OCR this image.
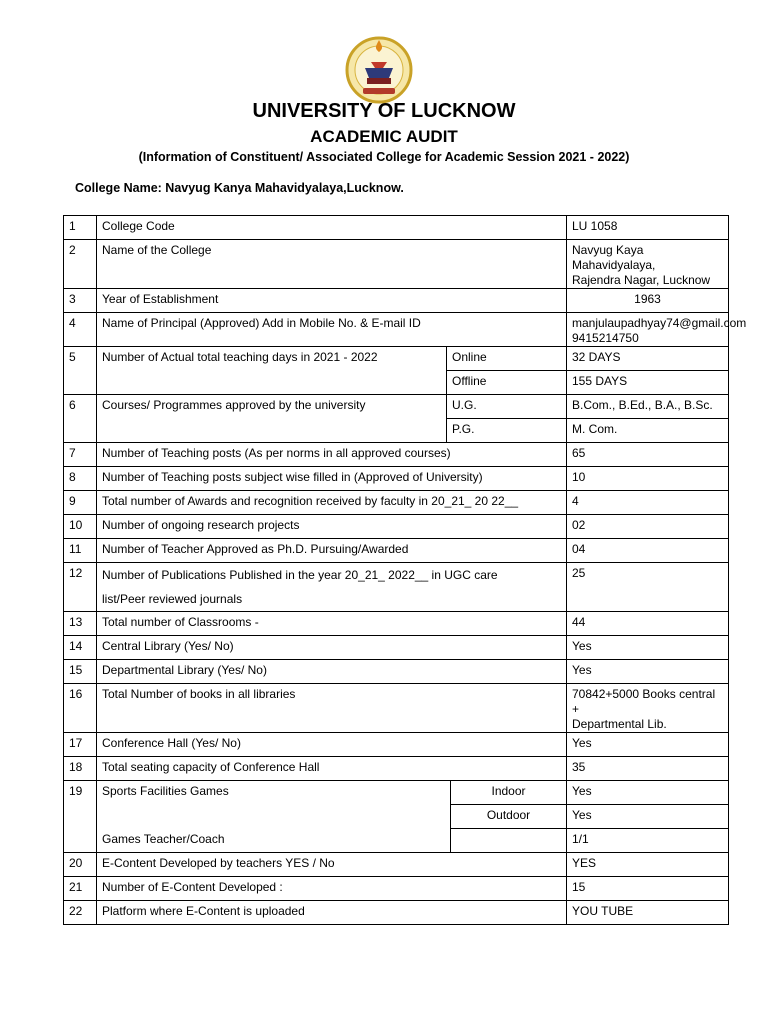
UNIVERSITY OF LUCKNOW
ACADEMIC AUDIT
(Information of Constituent/ Associated College for Academic Session 2021 - 2022)
College Name: Navyug Kanya Mahavidyalaya,Lucknow.
1	College Code			LU 1058
2	Name of the College			Navyug Kaya Mahavidyalaya,
Rajendra Nagar, Lucknow

3	Year of Establishment			1963
4	Name of Principal (Approved) Add in Mobile No. & E-mail ID			manjulaupadhyay74@gmail.com
9415214750

5	Number of Actual total teaching days in 2021 - 2022	Online		32 DAYS
		Offline		155 DAYS
6	Courses/ Programmes approved by the university	U.G.		B.Com., B.Ed., B.A., B.Sc.
		P.G.		M. Com.
7	Number of Teaching posts (As per norms in all approved courses)			65
8	Number of Teaching posts subject wise filled in (Approved of University)			10
9	Total number of Awards and recognition received by faculty in 20_21_ 20 22__			4
10	Number of ongoing research projects			02
11	Number of Teacher Approved as Ph.D. Pursuing/Awarded			04
12	Number of Publications Published in the year 20_21_ 2022__ in UGC care
list/Peer reviewed journals			25
13	Total number of Classrooms -			44
14	Central Library (Yes/ No)			Yes
15	Departmental Library (Yes/ No)			Yes
16	Total Number of books in all libraries			70842+5000 Books central +
Departmental Lib.

17	Conference Hall (Yes/ No)			Yes
18	Total seating capacity of Conference Hall			35
19	Sports Facilities Games		Indoor	Yes
			Outdoor	Yes
	Games Teacher/Coach			1/1
20	E-Content Developed by teachers YES / No			YES
21	Number of E-Content Developed :			15
22	Platform where E-Content is uploaded			YOU TUBE
